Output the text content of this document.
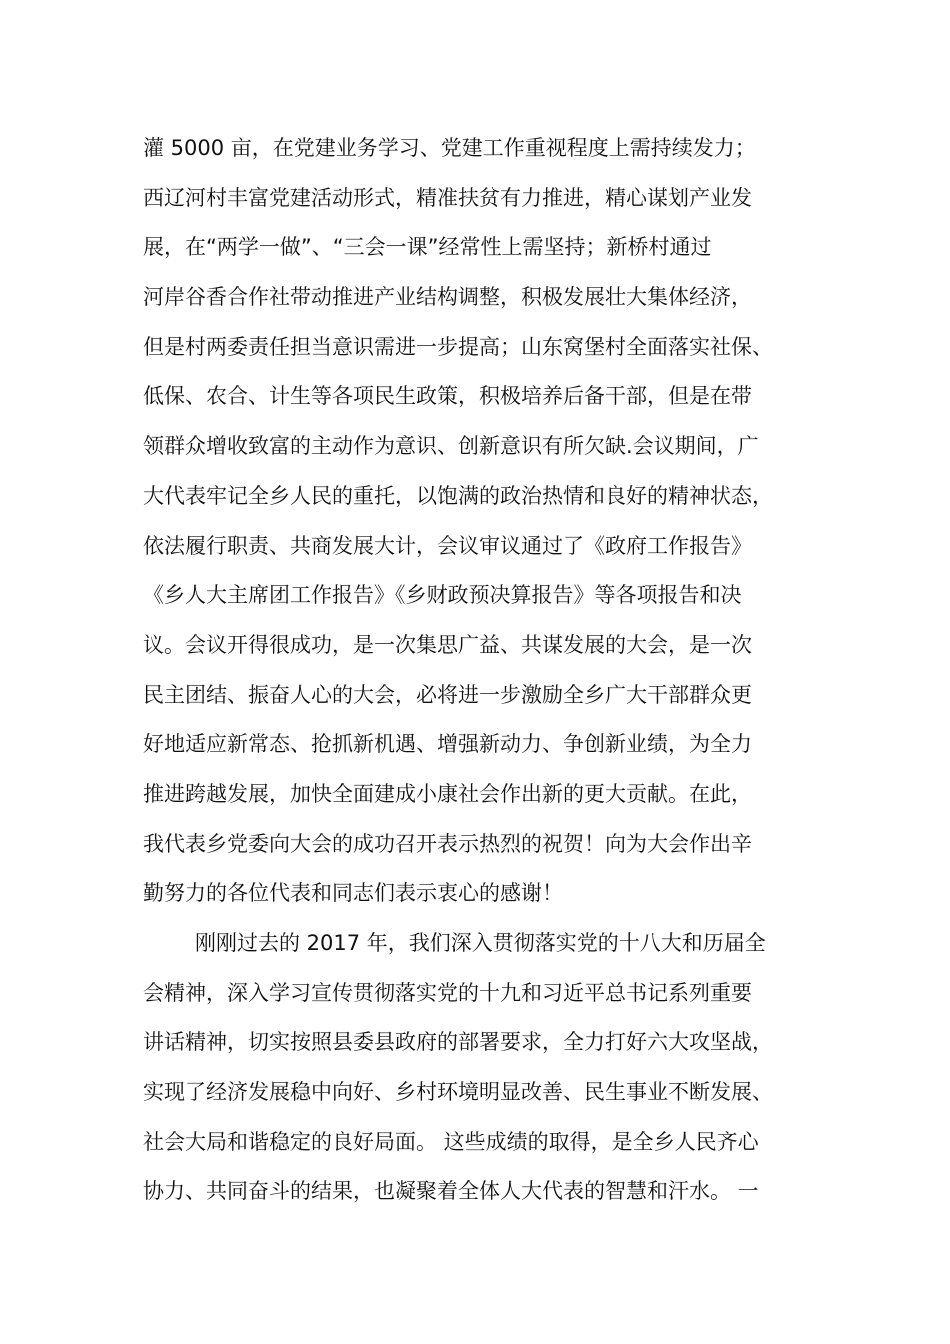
灌 5000 亩，在党建业务学习、党建工作重视程度上需持续发力；
西辽河村丰富党建活动形式，精准扶贫有力推进，精心谋划产业发
展，在“两学一做”、“三会一课”经常性上需坚持；新桥村通过
河岸谷香合作社带动推进产业结构调整，积极发展壮大集体经济，
但是村两委责任担当意识需进一步提高；山东窝堡村全面落实社保、
低保、农合、计生等各项民生政策，积极培养后备干部，但是在带
领群众增收致富的主动作为意识、创新意识有所欠缺.会议期间，广
大代表牢记全乡人民的重托，以饱满的政治热情和良好的精神状态，
依法履行职责、共商发展大计，会议审议通过了《政府工作报告》
《乡人大主席团工作报告》《乡财政预决算报告》等各项报告和决
议。会议开得很成功，是一次集思广益、共谋发展的大会，是一次
民主团结、振奋人心的大会，必将进一步激励全乡广大干部群众更
好地适应新常态、抢抓新机遇、增强新动力、争创新业绩，为全力
推进跨越发展，加快全面建成小康社会作出新的更大贡献。在此，
我代表乡党委向大会的成功召开表示热烈的祝贺！向为大会作出辛
勤努力的各位代表和同志们表示衷心的感谢！
刚刚过去的 2017 年，我们深入贯彻落实党的十八大和历届全
会精神，深入学习宣传贯彻落实党的十九和习近平总书记系列重要
讲话精神，切实按照县委县政府的部署要求，全力打好六大攻坚战，
实现了经济发展稳中向好、乡村环境明显改善、民生事业不断发展、
社会大局和谐稳定的良好局面。 这些成绩的取得，是全乡人民齐心
协力、共同奋斗的结果，也凝聚着全体人大代表的智慧和汗水。 一
